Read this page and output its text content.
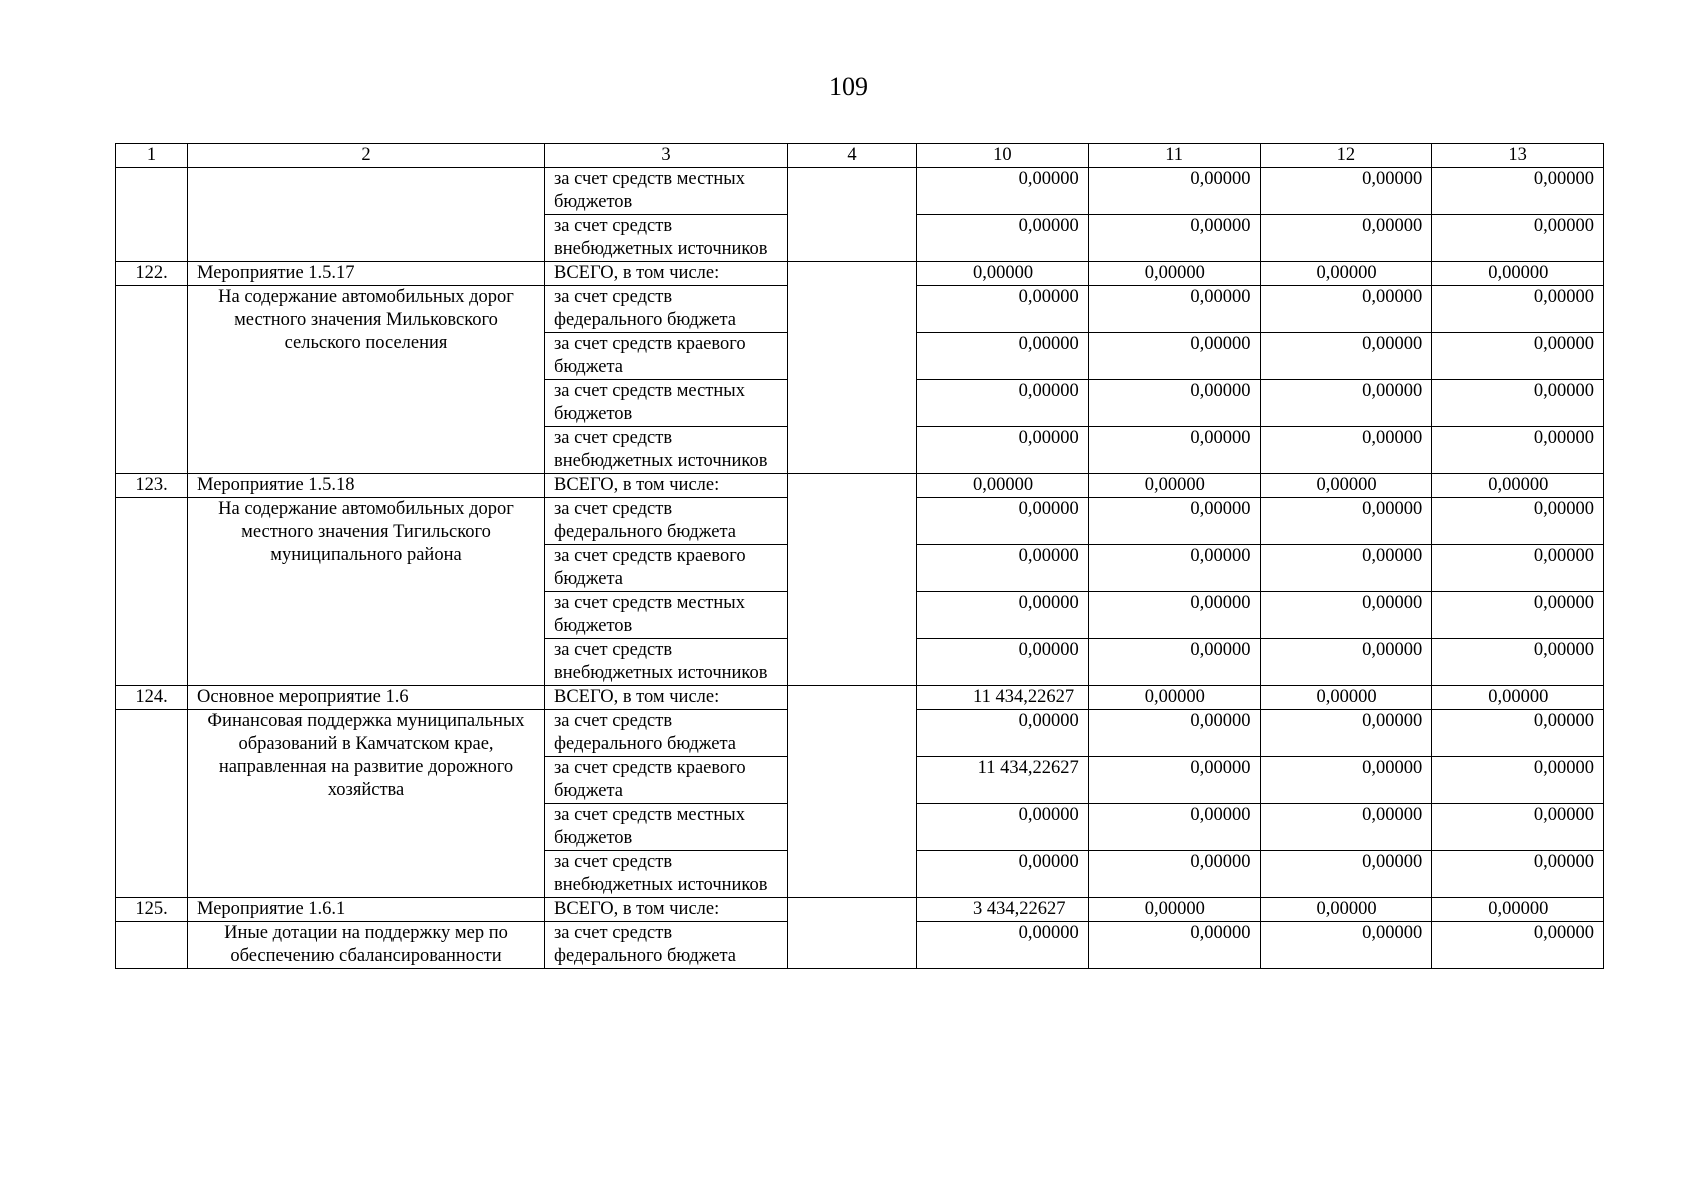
109
1	2	3	4	10	11	12	13
		за счет средств местных бюджетов		0,00000	0,00000	0,00000	0,00000
		за счет средств внебюджетных источников		0,00000	0,00000	0,00000	0,00000
122.	Мероприятие 1.5.17	ВСЕГО, в том числе:		0,00000	0,00000	0,00000	0,00000
	На содержание автомобильных дорог местного значения Мильковского сельского поселения	за счет средств федерального бюджета		0,00000	0,00000	0,00000	0,00000
		за счет средств краевого бюджета		0,00000	0,00000	0,00000	0,00000
		за счет средств местных бюджетов		0,00000	0,00000	0,00000	0,00000
		за счет средств внебюджетных источников		0,00000	0,00000	0,00000	0,00000
123.	Мероприятие 1.5.18	ВСЕГО, в том числе:		0,00000	0,00000	0,00000	0,00000
	На содержание автомобильных дорог местного значения Тигильского муниципального района	за счет средств федерального бюджета		0,00000	0,00000	0,00000	0,00000
		за счет средств краевого бюджета		0,00000	0,00000	0,00000	0,00000
		за счет средств местных бюджетов		0,00000	0,00000	0,00000	0,00000
		за счет средств внебюджетных источников		0,00000	0,00000	0,00000	0,00000
124.	Основное мероприятие 1.6	ВСЕГО, в том числе:		11 434,22627	0,00000	0,00000	0,00000
	Финансовая поддержка муниципальных образований в Камчатском крае, направленная на развитие дорожного хозяйства	за счет средств федерального бюджета		0,00000	0,00000	0,00000	0,00000
		за счет средств краевого бюджета		11 434,22627	0,00000	0,00000	0,00000
		за счет средств местных бюджетов		0,00000	0,00000	0,00000	0,00000
		за счет средств внебюджетных источников		0,00000	0,00000	0,00000	0,00000
125.	Мероприятие 1.6.1	ВСЕГО, в том числе:		3 434,22627	0,00000	0,00000	0,00000
	Иные дотации на поддержку мер по обеспечению сбалансированности	за счет средств федерального бюджета		0,00000	0,00000	0,00000	0,00000
